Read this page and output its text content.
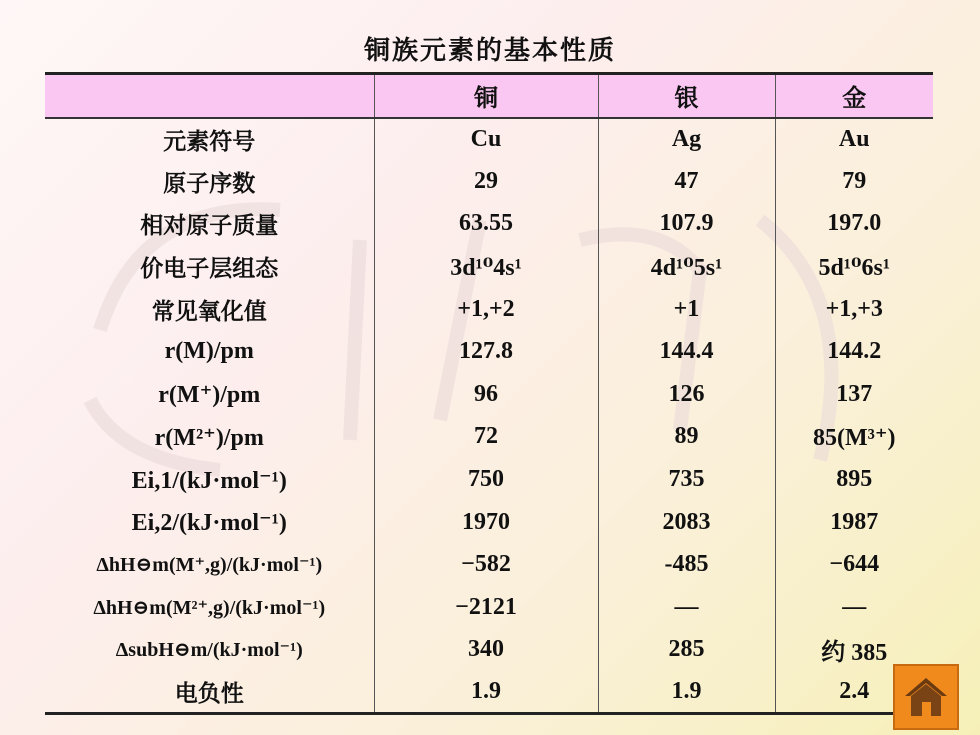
铜族元素的基本性质
	铜	银	金
元素符号	Cu	Ag	Au
原子序数	29	47	79
相对原子质量	63.55	107.9	197.0
价电子层组态	3d¹⁰4s¹	4d¹⁰5s¹	5d¹⁰6s¹
常见氧化值	+1,+2	+1	+1,+3
r(M)/pm	127.8	144.4	144.2
r(M⁺)/pm	96	126	137
r(M²⁺)/pm	72	89	85(M³⁺)
Ei,1/(kJ·mol⁻¹)	750	735	895
Ei,2/(kJ·mol⁻¹)	1970	2083	1987
ΔhH⊖m(M⁺,g)/(kJ·mol⁻¹)	−582	-485	−644
ΔhH⊖m(M²⁺,g)/(kJ·mol⁻¹)	−2121	—	—
ΔsubH⊖m/(kJ·mol⁻¹)	340	285	约 385
电负性	1.9	1.9	2.4
